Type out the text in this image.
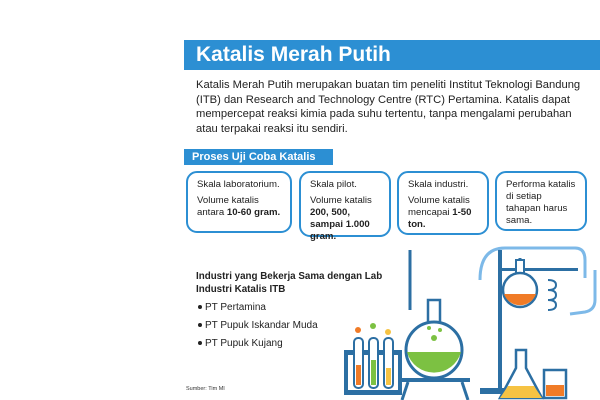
Katalis Merah Putih

Katalis Merah Putih merupakan buatan tim peneliti Institut Teknologi Bandung (ITB) dan Research and Technology Centre (RTC) Pertamina. Katalis dapat mempercepat reaksi kimia pada suhu tertentu, tanpa mengalami perubahan atau terpakai reaksi itu sendiri.

Proses Uji Coba Katalis

Skala laboratorium.

Volume katalis antara 10-60 gram.

Skala pilot.

Volume katalis 200, 500, sampai 1.000 gram.

Skala industri.

Volume katalis mencapai 1-50 ton.

Performa katalis di setiap tahapan harus sama.

Industri yang Bekerja Sama dengan Lab Industri Katalis ITB

PT Pertamina
PT Pupuk Iskandar Muda
PT Pupuk Kujang
Sumber: Tim MI
